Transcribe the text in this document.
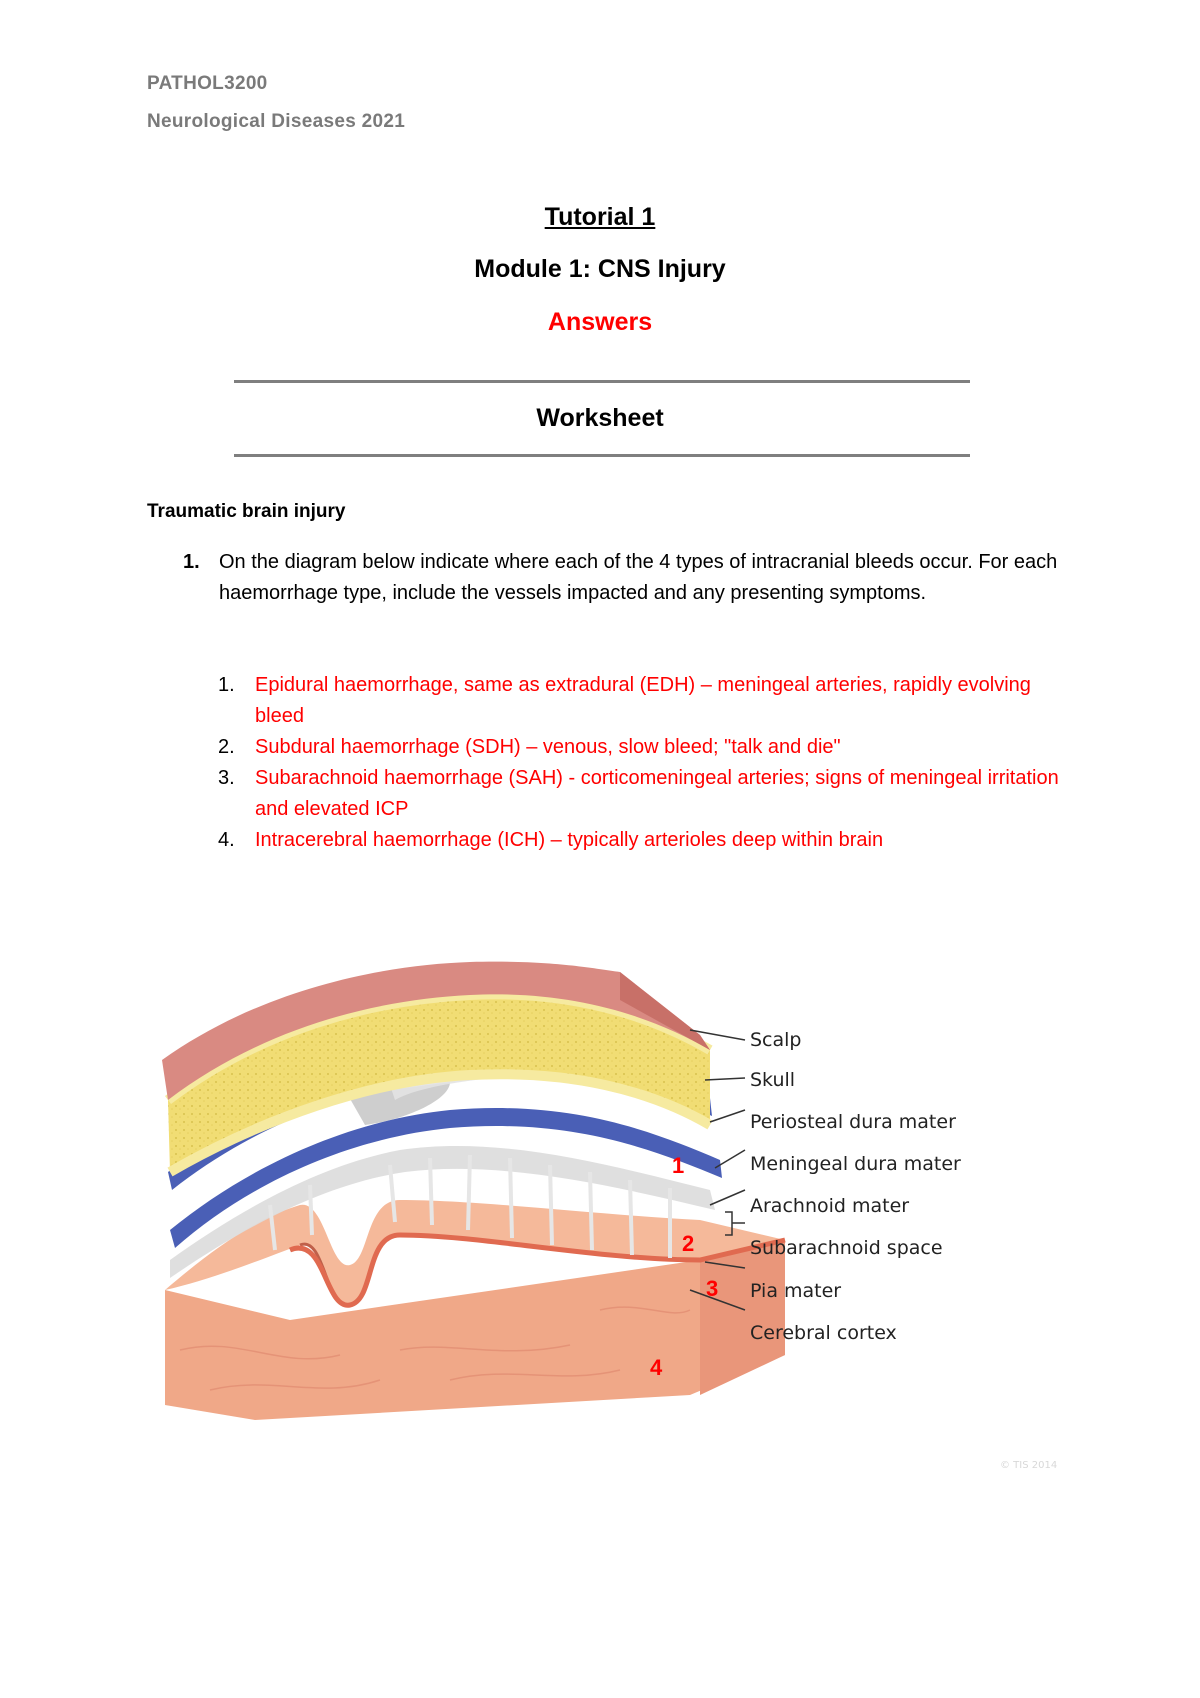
PATHOL3200
Neurological Diseases 2021
Tutorial 1
Module 1: CNS Injury
Answers
Worksheet
Traumatic brain injury
1. On the diagram below indicate where each of the 4 types of intracranial bleeds occur. For each haemorrhage type, include the vessels impacted and any presenting symptoms.
1. Epidural haemorrhage, same as extradural (EDH) – meningeal arteries, rapidly evolving bleed
2. Subdural haemorrhage (SDH) – venous, slow bleed; "talk and die"
3. Subarachnoid haemorrhage (SAH) - corticomeningeal arteries; signs of meningeal irritation and elevated ICP
4. Intracerebral haemorrhage (ICH) – typically arterioles deep within brain
Scalp
Skull
Periosteal dura mater
Meningeal dura mater
Arachnoid mater
Subarachnoid space
Pia mater
Cerebral cortex
1
2
3
4
© TIS 2014
